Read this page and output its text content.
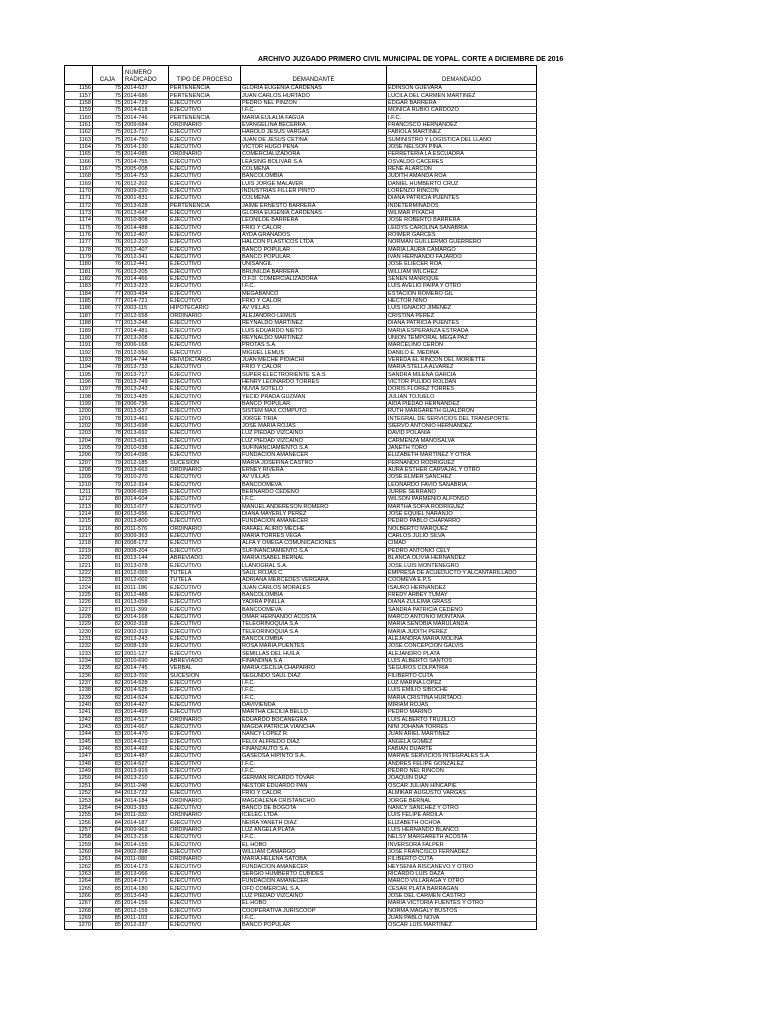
ARCHIVO JUZGADO PRIMERO CIVIL MUNICIPAL DE YOPAL. CORTE A DICIEMBRE DE 2016
	CAJA	NUMERO RADICADO	TIPO DE PROCESO	DEMANDANTE	DEMANDADO
1156	75	2014-637	PERTENENCIA	GLORIA EUGENIA CARDENAS	EDINSON GUEVARA
1157	75	2014-686	PERTENENCIA	JUAN CARLOS HURTADO	LUCILA DEL CARMEN MARTINEZ
1158	75	2014-729	EJECUTIVO	PEDRO NEL PINZON	EDGAR BARRERA
1159	75	2014-618	EJECUTIVO	I.F.C.	MONICA RUBIO CARDOZO
1160	75	2014-746	PERTENENCIA	MARIA EULALIA FAGUA	I.F.C.
1161	75	2009-684	ORDINARIO	EVANGELINA BECERRA	FRANCISCO HERNANDEZ
1162	75	2013-717	EJECUTIVO	HAROLD JESUS VARGAS	FABIOLA MARTINEZ
1163	75	2014-750	EJECUTIVO	JUAN DE JESUS CETINA	SUMINISTRO Y LOGISTICA DEL LLANO
1164	75	2014-130	EJECUTIVO	VICTOR HUGO PEÑA	JOSE NELSON PIÑA
1165	75	2014-085	ORDINARIO	COMERCIALIZADORA	FERRETERIA LA ESCUADRA
1166	75	2014-755	EJECUTIVO	LEASING BOLIVAR S.A	OSVALDO CACERES
1167	75	2005-008	EJECUTIVO	COLMENA	RENE ALARCON
1168	75	2014-753	EJECUTIVO	BANCOLOMBIA	JUDITH AMANDA ROA
1169	76	2012-202	EJECUTIVO	LUIS JORGE MALAVER	DANIEL HUMBERTO CRUZ
1170	76	2009-220	EJECUTIVO	INDUSTRIAS FILLER PINTO	LORENZO RINCON
1171	76	2001-831	EJECUTIVO	COLMENA	DIANA PATRICIA PUENTES
1172	76	2013-628	PERTENENCIA	JAIME ERNESTO BARRERA	INDETERMINADOS
1173	76	2013-647	EJECUTIVO	GLORIA EUGENIA CARDENAS	WILMAR PIXACHI
1174	76	2010-808	EJECUTIVO	LEONILDE BARRERA	JOSE ROBERTO BARRERA
1175	76	2014-488	EJECUTIVO	FRIO Y CALOR	LEIDYS CAROLINA SANABRIA
1176	76	2012-407	EJECUTIVO	AYDA GRANADOS	ROIMER GARCES
1177	76	2012-210	EJECUTIVO	HALCON PLASTICOS LTDA	NORMAN GUILLERMO GUERRERO
1178	76	2012-407	EJECUTIVO	BANCO POPULAR	MARIA LAURA CAMARGO
1179	76	2012-341	EJECUTIVO	BANCO POPULAR	IVAN HERNANDO FAJARDO
1180	76	2012-441	EJECUTIVO	UNISANGIL	JOSE ELIECER ROA
1181	76	2013-205	EJECUTIVO	BRUNILDA BARRERA	WILLIAM WILCHEZ
1182	76	2014-466	EJECUTIVO	O.F.D. COMERCIALIZADORA	SENEN MANRIQUE
1183	77	2013-223	EJECUTIVO	I.F.C.	LUIS AVELIO PAIPA Y OTRO
1184	77	2003-434	EJECUTIVO	MEGABANCO	ESTACION ROMERO GIL
1185	77	2014-721	EJECUTIVO	FRIO Y CALOR	HECTOR NIÑO
1186	77	2003-115	HIPOTECARIO	AV VILLAS	LUIS IGNACIO JIMENEZ
1187	77	2012-558	ORDINARIO	ALEJANDRO LEMUS	CRISTINA PEREZ
1188	77	2013-248	EJECUTIVO	REYNALDO MARTINEZ	DIANA PATRICIA PUENTES
1189	77	2014-481	EJECUTIVO	LUIS EDUARDO NIETO	MARIA ESPERANZA ESTRADA
1190	77	2013-208	EJECUTIVO	REYNALDO MARTINEZ	UNION TEMPORAL MEGA PAZ
1191	78	2006-168	EJECUTIVO	PROTAS S.A.	MARCELINO CERON
1192	78	2012-550	EJECUTIVO	MIGUEL LEMUS	DANILO E. MEDINA
1193	78	2014-744	REIVIDICTARIO	JUAN MECHE PIDIACHI	VEREDA EL RINCON DEL MORIETTE
1194	78	2013-732	EJECUTIVO	FRIO Y CALOR	MARIA STELLA ALVAREZ
1195	78	2013-717	EJECUTIVO	SUPER ELECTRORIENTE S.A.S	SANDRA MILENA GARCIA
1196	78	2013-749	EJECUTIVO	HENRY LEONARDO TORRES	VICTOR PULIDO ROLDAN
1197	78	2013-243	EJECUTIVO	NUVIA SOTELO	DORIS FLOREZ TORRES
1198	78	2013-435	EJECUTIVO	YECID PRADA GUZMAN	JULIAN TOJUELO
1199	78	2006-736	EJECUTIVO	BANCO POPULAR	AIDA PIEDAD HERNANDEZ
1200	78	2013-537	EJECUTIVO	SISTEM MAX COMPUTO	RUTH MARGARETH GUALDRON
1201	78	2013-461	EJECUTIVO	JORGE TIRIA	INTEGRAL DE SERVICIOS DEL TRANSPORTE
1202	78	2013-698	EJECUTIVO	JOSE MARIA ROJAS	SIERVO ANTONIO HERNANDEZ
1203	78	2013-692	EJECUTIVO	LUZ PIEDAD VIZCAINO	DAVID POLANIA
1204	78	2013-691	EJECUTIVO	LUZ PIEDAD VIZCAINO	CARMENZA MANOSALVA
1205	79	2010-038	EJECUTIVO	SUFINANCIAMIENTO S.A	JANETH TORO
1206	79	2014-098	EJECUTIVO	FUNDACION AMANECER	ELIZABETH MARTINEZ Y OTRA
1207	79	2012-185	SUCESION	MARIA JOSEFINA CASTRO	FERNANDO RODRIGUEZ
1208	79	2013-663	ORDINARIO	ERNEY RIVERA	AURA ESTHER CARVAJAL Y OTRO
1209	79	2010-270	EJECUTIVO	AV VILLAS	JOSE ELMER SANCHEZ
1210	79	2012-314	EJECUTIVO	BANCOOMEVA	LEONARDO FAVIO SANABRIA
1211	79	2006-695	EJECUTIVO	BERNARDO CEDENO	JURRE SERRANO
1212	80	2014-604	EJECUTIVO	I.F.C.	WILSON PARMENIO ALFONSO
1213	80	2012-077	EJECUTIVO	MANUEL ANDERESON ROMERO	MARTHA SOFIA RODRIGUEZ
1214	80	2013-656	EJECUTIVO	DIANA MAYERLY PEREZ	JOSE EQUIEL NARANJO
1215	80	2013-800	EJECUTIVO	FUNDACION AMANECER	PEDRO PABLO CHAPARRO
1216	80	2011-576	ORDINARIO	RAFAEL ALIRIO MECHE	NOLBERTO MARQUEZ
1217	80	2009-363	EJECUTIVO	MARIA TORRES VEGA	CARLOS JULIO SILVA
1218	80	2008-172	EJECUTIVO	ALFA Y OMEGA COMUNICACIONES	CIMAD
1219	80	2008-204	EJECUTIVO	SUFINANCIAMIENTO S.A	PEDRO ANTONIO CELY
1220	81	2013-144	ABREVIADO	MARIA ISABEL BERNAL	BLANCA OLIVIA HERNANDEZ
1221	81	2013-078	EJECUTIVO	LLANOGRAL S.A.	JOSE LUIS MONTENEGRO
1222	81	2012-055	TUTELA	SAUL ROJAS C	EMPRESA DE ACUEDUCTO Y ALCANTARILLADO
1223	81	2012-002	TUTELA	ADRIANA MERCEDES VERGARA	COOMEVA E.P.S
1224	81	2011-186	EJECUTIVO	JUAN CARLOS MORALES	ISAURO HERNANDEZ
1225	81	2012-488	EJECUTIVO	BANCOLOMBIA	FREDY ARBEY TUMAY
1226	81	2013-058	EJECUTIVO	YADIRA PINILLA	DIANA ZULEIMA GRASS
1227	81	2011-399	EJECUTIVO	BANCOOMEVA	SANDRA PATRICIA CEDENO
1228	82	2014-168	EJECUTIVO	OMAR HERNANDO ACOSTA	MARCO ANTONIO MONTAÑA
1229	82	2002-318	EJECUTIVO	TELEORINOQUIA S.A	MARIA SENOBIA MARULANDA
1230	82	2002-319	EJECUTIVO	TELEORINOQUIA S.A	MARIA JUDITH PEREZ
1231	82	2013-243	EJECUTIVO	BANCOLOMBIA	ALEJANDRA MARIA MOLINA
1232	82	2008-139	EJECUTIVO	ROSA MARIA PUENTES	JOSE CONCEPCION GALVIS
1233	82	2001-127	EJECUTIVO	SEMILLAS DEL HUILA	ALEJANDRO PLATA
1234	82	2010-690	ABREVIADO	FINANDINA S.A	LUIS ALBERTO SANTOS
1235	82	2014-745	VERBAL	MARIA CECILIA CHAPARRO	SEGUROS COLPATRIA
1236	82	2013-702	SUCESION	SEGUNDO SAUL DIAZ	FILIBERTO CUTA
1237	82	2014-528	EJECUTIVO	I.F.C.	LUZ MARINA LOPEZ
1238	82	2014-525	EJECUTIVO	I.F.C.	LUIS EMILIO SIBOCHE
1239	82	2014-524	EJECUTIVO	I.F.C.	MARIA CRISTINA HURTADO
1240	83	2014-427	EJECUTIVO	DAVIVIENDA	MIRIAM ROJAS
1241	83	2014-495	EJECUTIVO	MARTHA CECILIA BELLO	PEDRO MARINO
1242	83	2014-517	ORDINARIO	EDUARDO BOCANEGRA	LUIS ALBERTO TRUJILLO
1243	83	2014-667	EJECUTIVO	MAGDA PATRICIA VIANCHA	NINI JOHANA TORRES
1244	83	2014-470	EJECUTIVO	NANCY LOPEZ R.	JUAN ARIEL MARTINEZ
1245	83	2014-619	EJECUTIVO	FELIX ALFREDO DIAZ	ANGELA GOMEZ
1246	83	2014-492	EJECUTIVO	FINANZAUTO S.A.	FABIAN DUARTE
1247	83	2014-487	EJECUTIVO	GASEOSA HIPINTO S.A.	MARWE SERVICIOS INTEGRALES S.A
1248	83	2014-527	EJECUTIVO	I.F.C.	ANDRES FELIPE GONZALEZ
1249	83	2013-919	EJECUTIVO	I.F.C.	PEDRO NEL RINCON
1250	84	2013-210	EJECUTIVO	GERMAN RICARDO TOVAR	JOAQUIN DIAZ
1251	84	2011-248	EJECUTIVO	NESTOR EDUARDO PAN	OSCAR JULIAN HINCAPIE
1252	84	2013-722	EJECUTIVO	FRIO Y CALOR	ALMIKAR AUGUSTO VARGAS
1253	84	2014-184	ORDINARIO	MAGDALENA CRISTANCHO	JORGE BERNAL
1254	84	2003-393	EJECUTIVO	BANCO DE BOGOTA	NANCY SANCHEZ Y OTRO
1255	84	2011-332	ORDINARIO	ICELEC LTDA	LUIS FELIPE ARDILA
1256	84	2014-187	EJECUTIVO	NEIRA YANETH DIAZ	ELIZABETH OCHOA
1257	84	2009-963	ORDINARIO	LUZ ANGELA PLATA	LUIS HERNANDO BLANCO
1258	84	2013-218	EJECUTIVO	I.F.C.	NELSY MARGARETH ACOSTA
1259	84	2014-155	EJECUTIVO	EL HOBO	INVERSORA FALPER
1260	84	2002-398	EJECUTIVO	WILLIAM CAMARGO	JOSE FRANCISCO FERNADEZ
1261	84	2011-080	ORDINARIO	MARIA HELENA SATOBA	FILIBERTO CUTA
1262	85	2014-173	EJECUTIVO	FUNDACION AMANECER	HEYSENIA RISCANEVO Y OTRO
1263	85	2013-066	EJECUTIVO	SERGIO HUMBERTO CUBIDES	RICARDO LUIS DAZA
1264	85	2014-171	EJECUTIVO	FUNDACION AMANECER	MARCO VILLARAGA Y OTRO
1265	85	2014-180	EJECUTIVO	OFD COMERCIAL S.A.	CESAR PLATA BARRAGAN
1266	85	2013-643	EJECUTIVO	LUZ PIEDAD VIZCAINO	JOSE DEL CARMEN CASTRO
1267	85	2014-156	EJECUTIVO	EL HOBO	MARIA VICTORIA FUENTES Y OTRO
1268	85	2012-159	EJECUTIVO	COOPERATIVA JURISCOOP	NORMA MAGALY BUSTOS
1269	85	2011-103	EJECUTIVO	I.F.C.	JUAN PABLO NOVA
1270	85	2012-337	EJECUTIVO	BANCO POPULAR	OSCAR LUIS MARTINEZ
